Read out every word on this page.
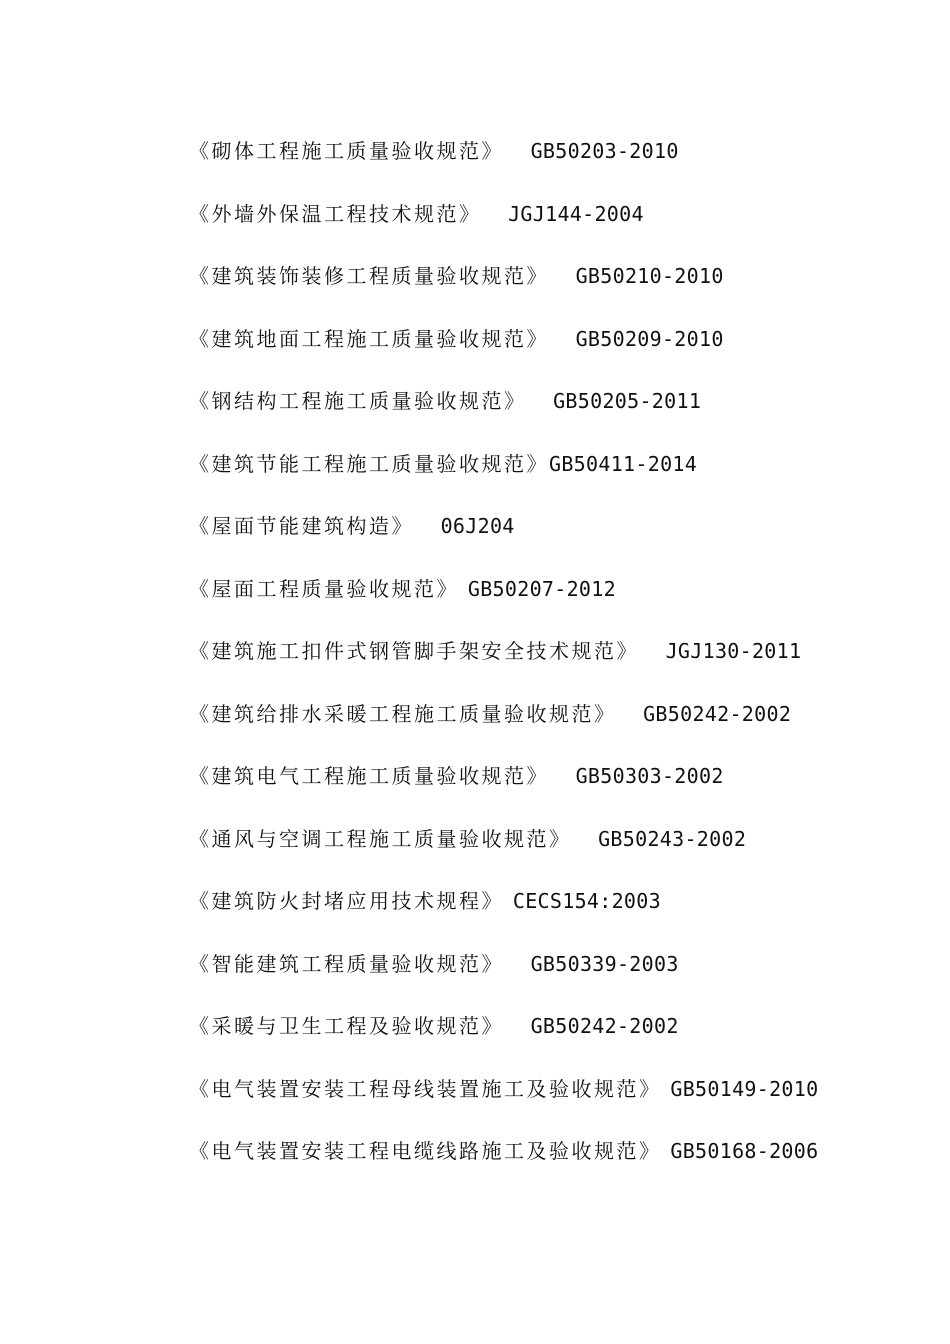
《砌体工程施工质量验收规范》 GB50203-2010
《外墙外保温工程技术规范》 JGJ144-2004
《建筑装饰装修工程质量验收规范》 GB50210-2010
《建筑地面工程施工质量验收规范》 GB50209-2010
《钢结构工程施工质量验收规范》 GB50205-2011
《建筑节能工程施工质量验收规范》GB50411-2014
《屋面节能建筑构造》 06J204
《屋面工程质量验收规范》 GB50207-2012
《建筑施工扣件式钢管脚手架安全技术规范》 JGJ130-2011
《建筑给排水采暖工程施工质量验收规范》 GB50242-2002
《建筑电气工程施工质量验收规范》 GB50303-2002
《通风与空调工程施工质量验收规范》 GB50243-2002
《建筑防火封堵应用技术规程》 CECS154:2003
《智能建筑工程质量验收规范》 GB50339-2003
《采暖与卫生工程及验收规范》 GB50242-2002
《电气装置安装工程母线装置施工及验收规范》 GB50149-2010
《电气装置安装工程电缆线路施工及验收规范》 GB50168-2006
